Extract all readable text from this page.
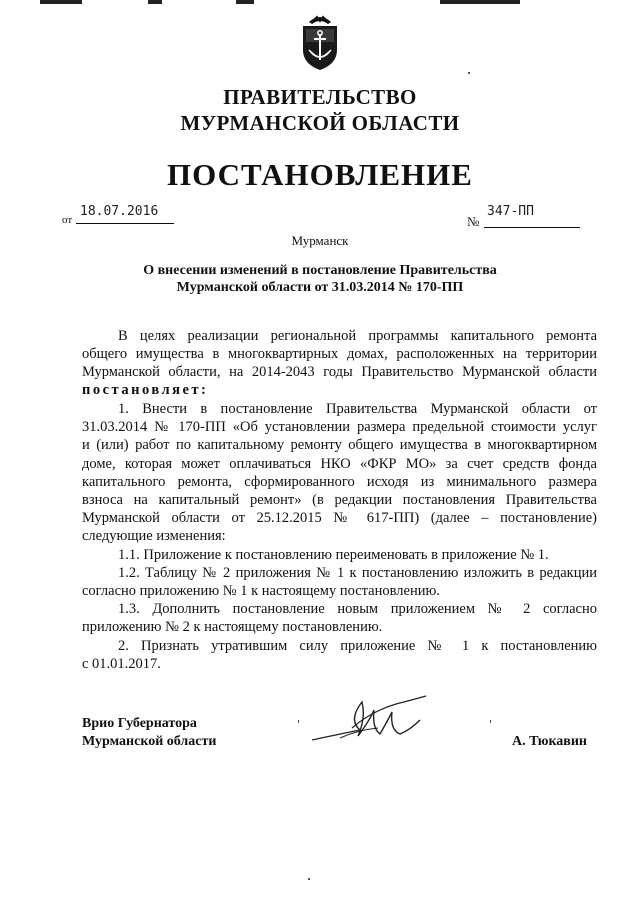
ПРАВИТЕЛЬСТВО
МУРМАНСКОЙ ОБЛАСТИ
ПОСТАНОВЛЕНИЕ
от
18.07.2016
№
347-ПП
Мурманск
О внесении изменений в постановление Правительства
Мурманской области от 31.03.2014 № 170-ПП
В целях реализации региональной программы капитального ремонта
общего имущества в многоквартирных домах, расположенных на территории
Мурманской области, на 2014-2043 годы Правительство Мурманской области
постановляет:
1. Внести в постановление Правительства Мурманской области от
31.03.2014 № 170-ПП «Об установлении размера предельной стоимости услуг
и (или) работ по капитальному ремонту общего имущества в многоквартирном
доме, которая может оплачиваться НКО «ФКР МО» за счет средств фонда
капитального ремонта, сформированного исходя из минимального размера
взноса на капитальный ремонт» (в редакции постановления Правительства
Мурманской области от 25.12.2015 № 617-ПП) (далее – постановление)
следующие изменения:
1.1. Приложение к постановлению переименовать в приложение № 1.
1.2. Таблицу № 2 приложения № 1 к постановлению изложить в редакции
согласно приложению № 1 к настоящему постановлению.
1.3. Дополнить постановление новым приложением № 2 согласно
приложению № 2 к настоящему постановлению.
2. Признать утратившим силу приложение № 1 к постановлению
с 01.01.2017.
Врио Губернатора
Мурманской области	А. Тюкавин
